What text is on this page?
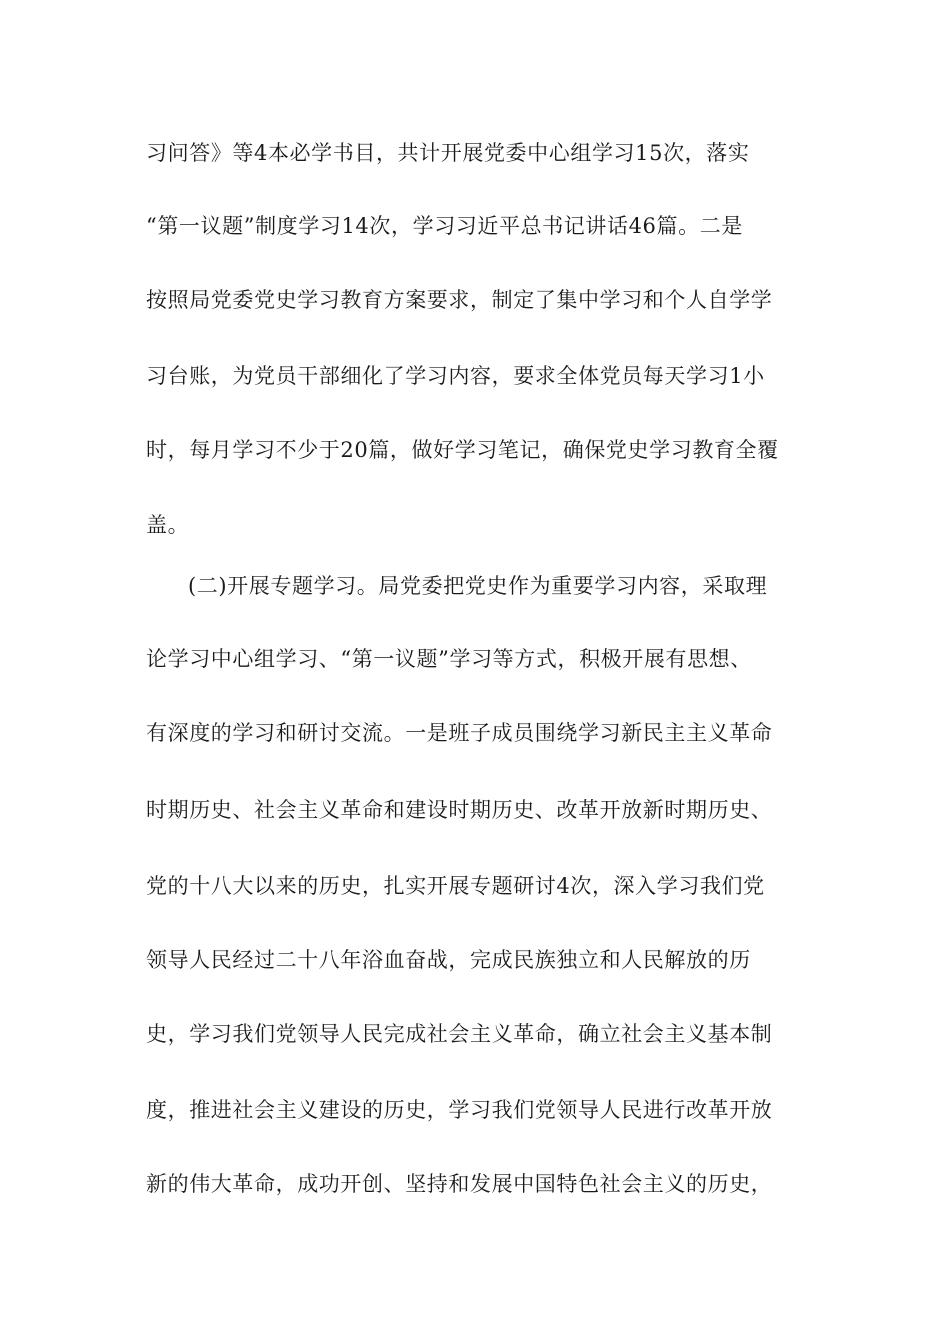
习问答》等4本必学书目，共计开展党委中心组学习15次，落实
“第一议题”制度学习14次，学习习近平总书记讲话46篇。二是
按照局党委党史学习教育方案要求，制定了集中学习和个人自学学
习台账，为党员干部细化了学习内容，要求全体党员每天学习1小
时，每月学习不少于20篇，做好学习笔记，确保党史学习教育全覆
盖。
(二)开展专题学习。局党委把党史作为重要学习内容，采取理
论学习中心组学习、“第一议题”学习等方式，积极开展有思想、
有深度的学习和研讨交流。一是班子成员围绕学习新民主主义革命
时期历史、社会主义革命和建设时期历史、改革开放新时期历史、
党的十八大以来的历史，扎实开展专题研讨4次，深入学习我们党
领导人民经过二十八年浴血奋战，完成民族独立和人民解放的历
史，学习我们党领导人民完成社会主义革命，确立社会主义基本制
度，推进社会主义建设的历史，学习我们党领导人民进行改革开放
新的伟大革命，成功开创、坚持和发展中国特色社会主义的历史，
